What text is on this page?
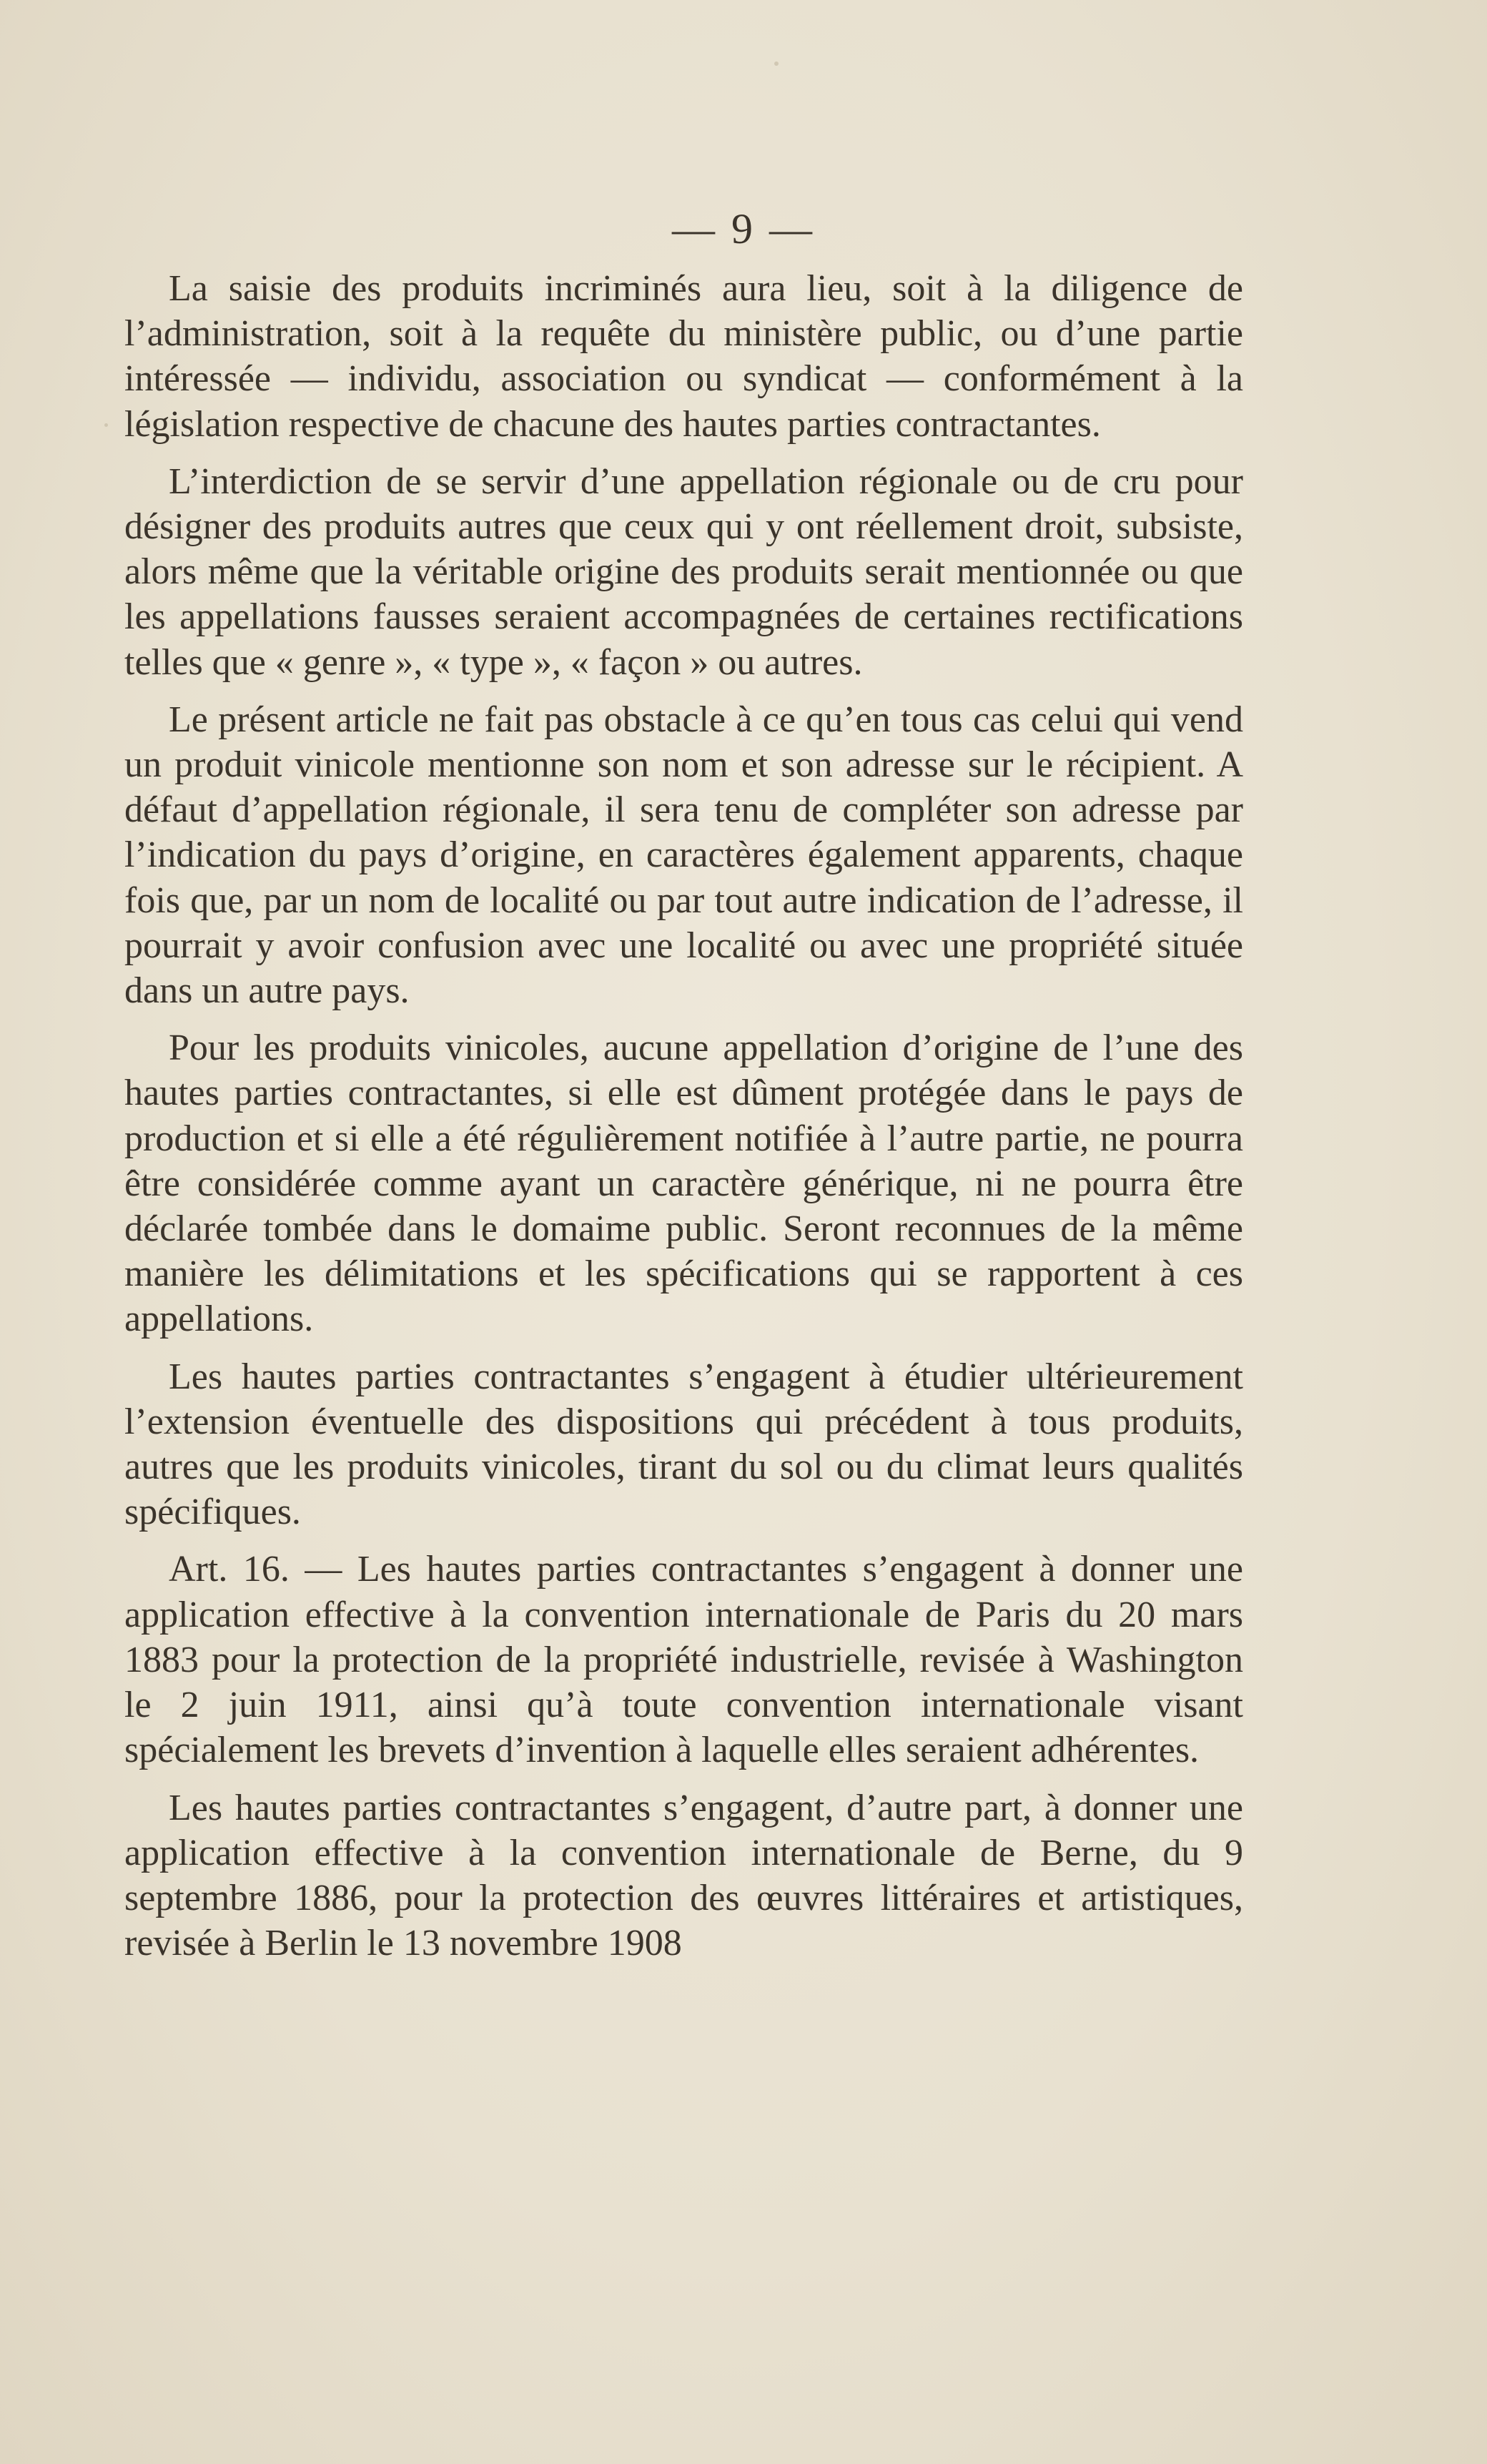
— 9 —

La saisie des produits incriminés aura lieu, soit à la diligence de l’administration, soit à la requête du ministère public, ou d’une partie intéressée — individu, association ou syndicat — conformément à la législation respective de chacune des hautes parties contractantes.

L’interdiction de se servir d’une appellation régionale ou de cru pour désigner des produits autres que ceux qui y ont réellement droit, subsiste, alors même que la véritable origine des produits serait mentionnée ou que les appellations fausses seraient accompagnées de certaines rectifications telles que « genre », « type », « façon » ou autres.

Le présent article ne fait pas obstacle à ce qu’en tous cas celui qui vend un produit vinicole mentionne son nom et son adresse sur le récipient. A défaut d’appellation régionale, il sera tenu de compléter son adresse par l’indication du pays d’origine, en caractères également apparents, chaque fois que, par un nom de localité ou par tout autre indication de l’adresse, il pourrait y avoir confusion avec une localité ou avec une propriété située dans un autre pays.

Pour les produits vinicoles, aucune appellation d’origine de l’une des hautes parties contractantes, si elle est dûment protégée dans le pays de production et si elle a été régulièrement notifiée à l’autre partie, ne pourra être considérée comme ayant un caractère générique, ni ne pourra être déclarée tombée dans le domaime public. Seront reconnues de la même manière les délimitations et les spécifications qui se rapportent à ces appellations.

Les hautes parties contractantes s’engagent à étudier ultérieurement l’extension éventuelle des dispositions qui précédent à tous produits, autres que les produits vinicoles, tirant du sol ou du climat leurs qualités spécifiques.

Art. 16. — Les hautes parties contractantes s’engagent à donner une application effective à la convention internationale de Paris du 20 mars 1883 pour la protection de la propriété industrielle, revisée à Washington le 2 juin 1911, ainsi qu’à toute convention internationale visant spécialement les brevets d’invention à laquelle elles seraient adhérentes.

Les hautes parties contractantes s’engagent, d’autre part, à donner une application effective à la convention internationale de Berne, du 9 septembre 1886, pour la protection des œuvres littéraires et artistiques, revisée à Berlin le 13 novembre 1908
